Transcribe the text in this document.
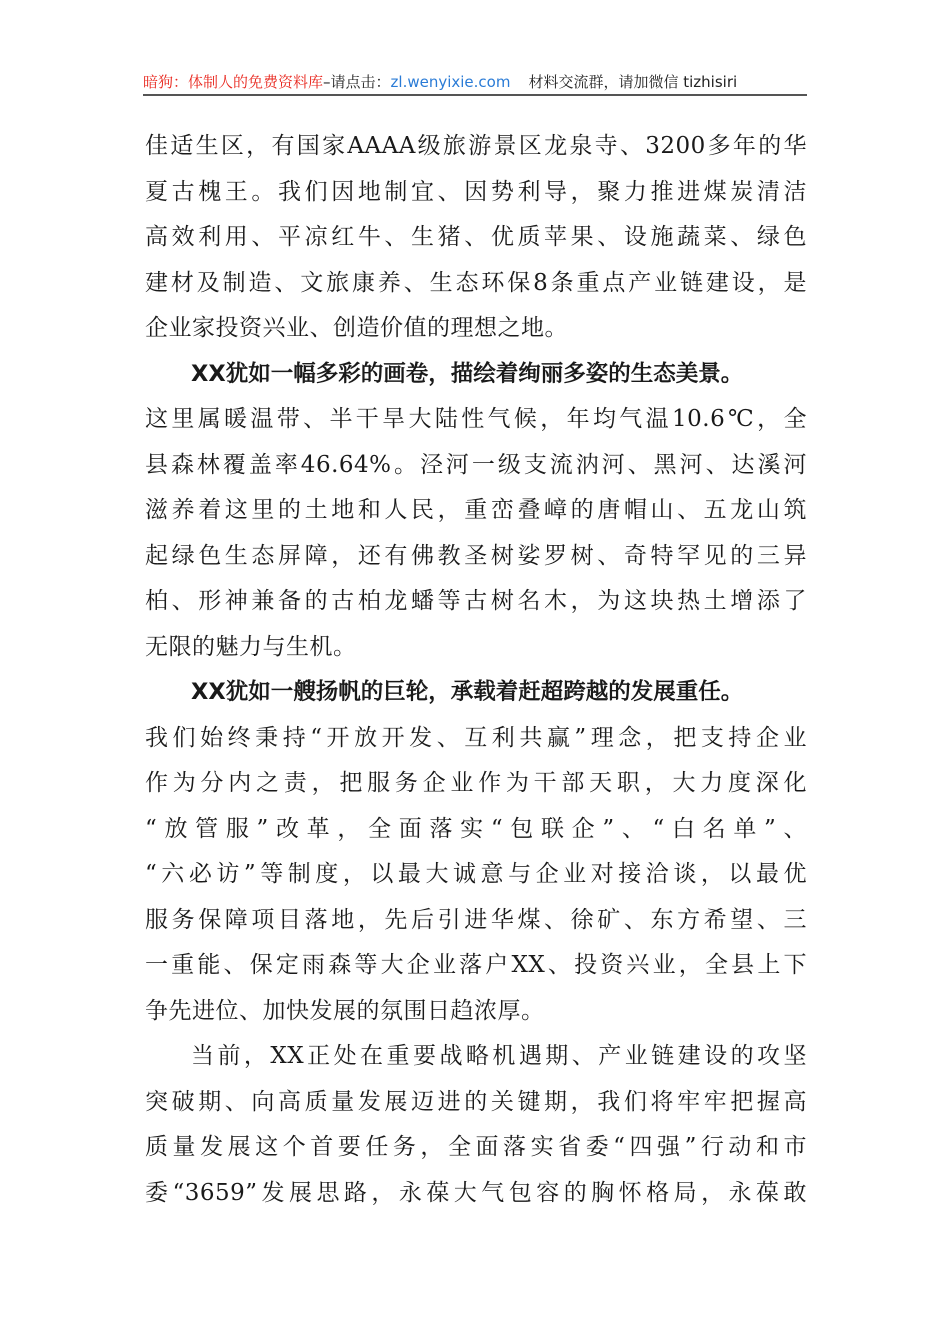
暗狗：体制人的免费资料库 –请点击： zl.wenyixie.com 材料交流群，请加微信 tizhisiri
佳适生区，有国家AAAA级旅游景区龙泉寺、3200多年的华
夏古槐王。我们因地制宜、因势利导，聚力推进煤炭清洁
高效利用、平凉红牛、生猪、优质苹果、设施蔬菜、绿色
建材及制造、文旅康养、生态环保8条重点产业链建设，是
企业家投资兴业、创造价值的理想之地。
XX犹如一幅多彩的画卷，描绘着绚丽多姿的生态美景。
这里属暖温带、半干旱大陆性气候，年均气温10.6℃，全
县森林覆盖率46.64%。泾河一级支流汭河、黑河、达溪河
滋养着这里的土地和人民，重峦叠嶂的唐帽山、五龙山筑
起绿色生态屏障，还有佛教圣树娑罗树、奇特罕见的三异
柏、形神兼备的古柏龙蟠等古树名木，为这块热土增添了
无限的魅力与生机。
XX犹如一艘扬帆的巨轮，承载着赶超跨越的发展重任。
我们始终秉持“开放开发、互利共赢”理念，把支持企业
作为分内之责，把服务企业作为干部天职，大力度深化
“放管服”改革，全面落实“包联企”、“白名单”、
“六必访”等制度，以最大诚意与企业对接洽谈，以最优
服务保障项目落地，先后引进华煤、徐矿、东方希望、三
一重能、保定雨森等大企业落户XX、投资兴业，全县上下
争先进位、加快发展的氛围日趋浓厚。
当前，XX正处在重要战略机遇期、产业链建设的攻坚
突破期、向高质量发展迈进的关键期，我们将牢牢把握高
质量发展这个首要任务，全面落实省委“四强”行动和市
委“3659”发展思路，永葆大气包容的胸怀格局，永葆敢
